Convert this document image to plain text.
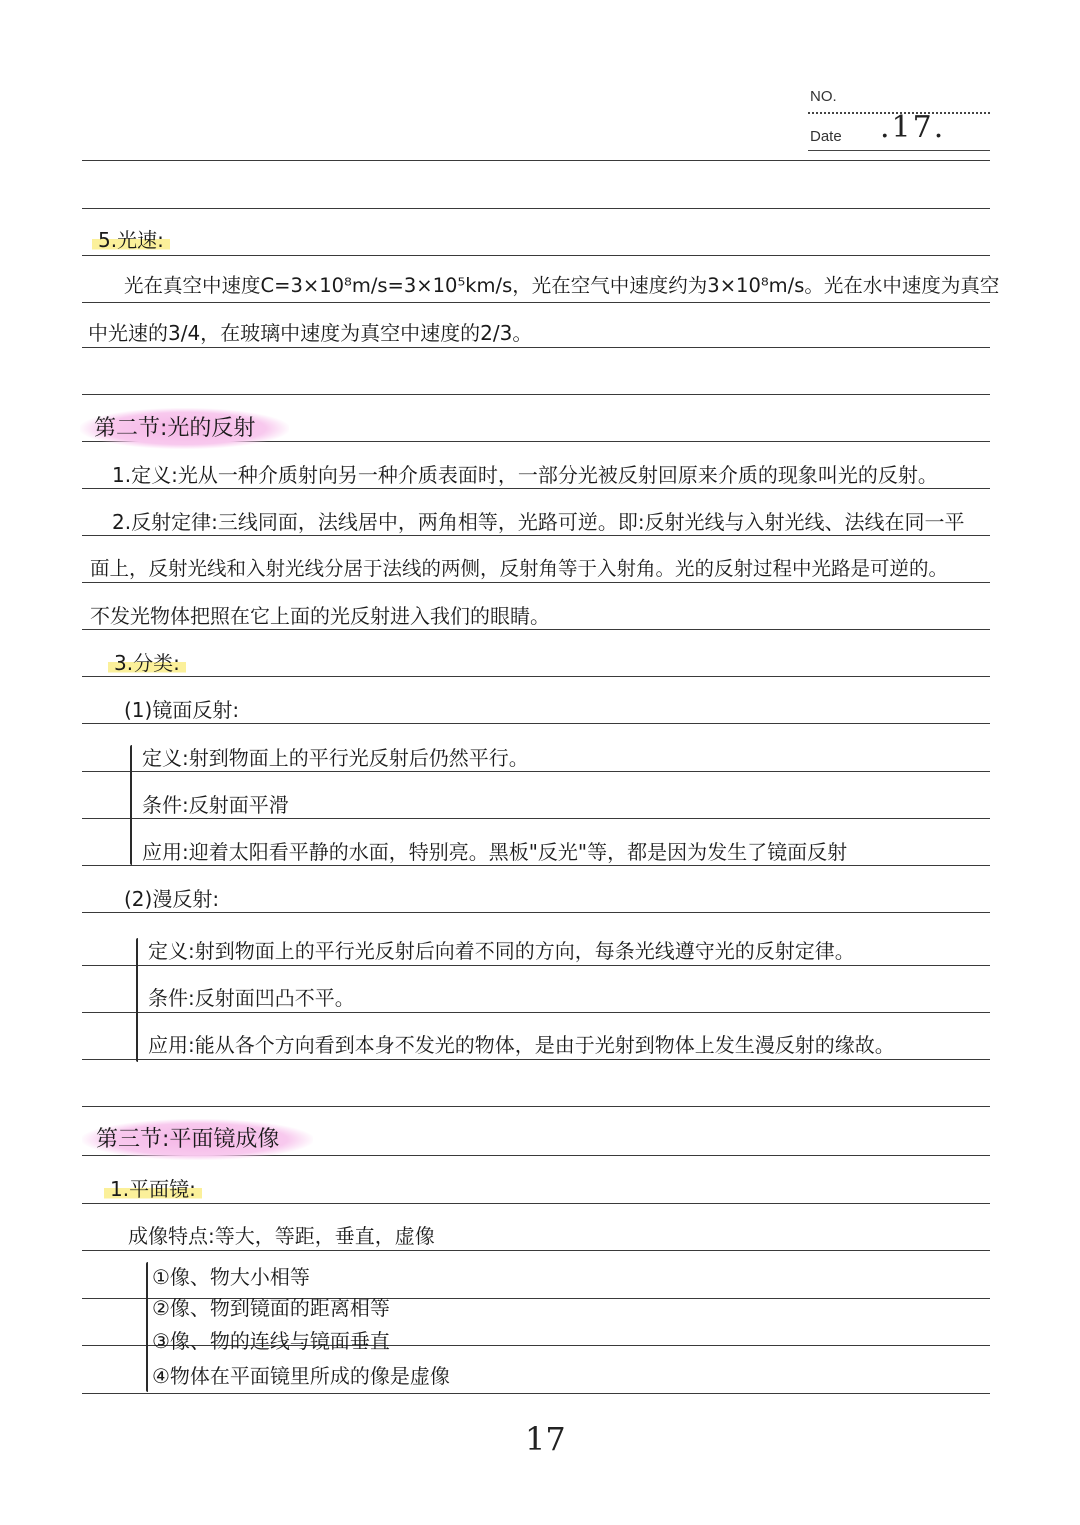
NO.
Date .17.
5.光速:
光在真空中速度C=3×10⁸m/s=3×10⁵km/s，光在空气中速度约为3×10⁸m/s。光在水中速度为真空
中光速的3/4，在玻璃中速度为真空中速度的2/3。
第二节:光的反射
1.定义:光从一种介质射向另一种介质表面时，一部分光被反射回原来介质的现象叫光的反射。
2.反射定律:三线同面，法线居中，两角相等，光路可逆。即:反射光线与入射光线、法线在同一平
面上，反射光线和入射光线分居于法线的两侧，反射角等于入射角。光的反射过程中光路是可逆的。
不发光物体把照在它上面的光反射进入我们的眼睛。
3.分类:
(1)镜面反射:
定义:射到物面上的平行光反射后仍然平行。
条件:反射面平滑
应用:迎着太阳看平静的水面，特别亮。黑板"反光"等，都是因为发生了镜面反射
(2)漫反射:
定义:射到物面上的平行光反射后向着不同的方向，每条光线遵守光的反射定律。
条件:反射面凹凸不平。
应用:能从各个方向看到本身不发光的物体，是由于光射到物体上发生漫反射的缘故。
第三节:平面镜成像
1.平面镜:
成像特点:等大，等距，垂直，虚像
①像、物大小相等
②像、物到镜面的距离相等
③像、物的连线与镜面垂直
④物体在平面镜里所成的像是虚像
17
